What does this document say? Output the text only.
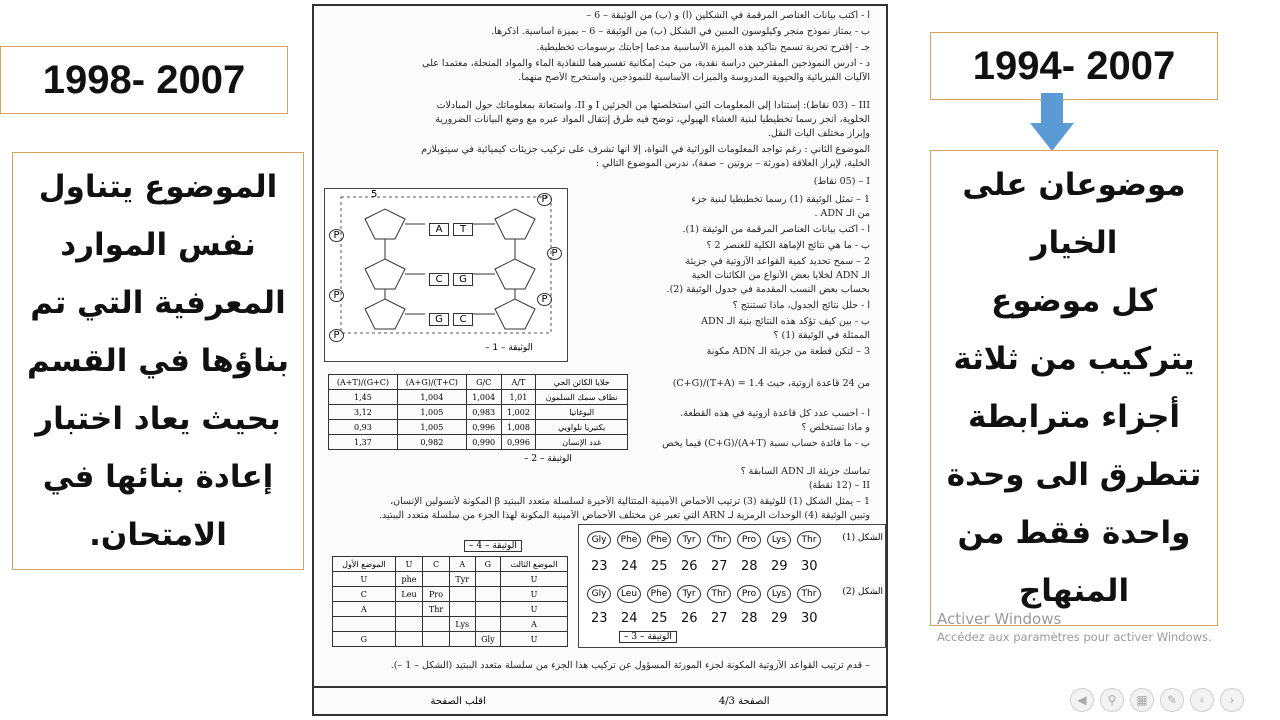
1998- 2007
الموضوع يتناول
نفس الموارد
المعرفية التي تم
بناؤها في القسم
بحيث يعاد اختبار
إعادة بنائها في
الامتحان.
1994- 2007
موضوعان على
الخيار
كل موضوع
يتركيب من ثلاثة
أجزاء مترابطة
تتطرق الى وحدة
واحدة فقط من
المنهاج
أ - أكتب بيانات العناصر المرقمة في الشكلين (أ) و (ب) من الوثيقة – 6 –
ب - يمتاز نموذج منجر وكيلوسون المبين في الشكل (ب) من الوثيقة – 6 – بميزة أساسية. أذكرها.
جـ - إقترح تجربة تسمح بتأكيد هذه الميزة الأساسية مدعما إجابتك برسومات تخطيطية.
د - أدرس النموذجين المقترحين دراسة نقدية، من حيث إمكانية تفسيرهما للنفاذية الماء والمواد المنحلة، معتمدا على
الآليات الفيزيائية والحيوية المدروسة والميزات الأساسية للنموذجين، واستخرج الأصح منهما.
III – (03 نقاط): إستنادا إلى المعلومات التي استخلصتها من الجزئين I و II، واستعانة بمعلوماتك حول المبادلات
الخلوية، أنجز رسما تخطيطيا لبنية الغشاء الهيولي، توضح فيه طرق إنتقال المواد عبره مع وضع البيانات الضرورية
وإبراز مختلف آليات النقل.
الموضوع الثاني : رغم تواجد المعلومات الوراثية في النواة، إلا أنها تشرف على تركيب جزيئات كيميائية في سيتوبلازم
الخلية، لإبراز العلاقة (مورثة – بروتين – صفة)، ندرس الموضوع التالي :
I – (05 نقاط)
1 – تمثل الوثيقة (1) رسما تخطيطيا لبنية جزء
من الـ ADN .
أ - أكتب بيانات العناصر المرقمة من الوثيقة (1).
ب - ما هي نتائج الإماهة الكلية للعنصر 2 ؟
2 – سمح تحديد كمية القواعد الآزوتية في جزيئة
الـ ADN لخلايا بعض الأنواع من الكائنات الحية
بحساب بعض النسب المقدمة في جدول الوثيقة (2).
أ - حلل نتائج الجدول، ماذا تستنتج ؟
ب - بين كيف تؤكد هذه النتائج بنية الـ ADN
الممثلة في الوثيقة (1) ؟
3 – لتكن قطعة من جزيئة الـ ADN مكونة
من 24 قاعدة آزوتية، حيث 1.4 = (T+A)/(C+G)
أ - أحسب عدد كل قاعدة آزوتية في هذه القطعة.
و ماذا تستخلص ؟
ب - ما فائدة حساب نسبة (A+T)/(C+G) فيما يخص
تماسك جزيئة الـ ADN السابقة ؟
II – (12 نقطة)
1 – يمثل الشكل (1) للوثيقة (3) ترتيب الأحماض الأمينية المتتالية الأخيرة لسلسلة متعدد الببتيد β المكونة لأنسولين الإنسان،
وتبين الوثيقة (4) الوحدات الرمزية لـ ARN التي تعبر عن مختلف الأحماض الأمينية المكونة لهذا الجزء من سلسلة متعدد الببتيد.
– قدم ترتيب القواعد الآزوتية المكونة لجزء المورثة المسؤول عن تركيب هذا الجزء من سلسلة متعدد الببتيد (الشكل – 1 –).
A	T
C	G
G	C
5	P
P
P
P
P
P
الوثيقة – 1 –
(A+T)/(G+C)	(A+G)/(T+C)	G/C	A/T	خلايا الكائن الحي
1,45	1,004	1,004	1,01	نطاف سمك السلمون
3,12	1,005	0,983	1,002	البوغاتيا
0,93	1,005	0,996	1,008	بكتيريا تلواويي
1,37	0,982	0,990	0,996	غدد الإنسان
الوثيقة – 2 –
الوثيقة – 4 –
الموضع الأول	U	C	A	G	الموضع الثالث
U	phe		Tyr		U
C	Leu	Pro			U
A		Thr			U
			Lys		A
G				Gly	U
الشكل (1)
الشكل (2)
Gly	Phe	Phe	Tyr	Thr	Pro	Lys	Thr
23 24 25 26 27 28 29 30
Gly	Leu	Phe	Tyr	Thr	Pro	Lys	Thr
23 24 25 26 27 28 29 30
الوثيقة – 3 –
الصفحة 4/3
اقلب الصفحة
Activer Windows
Accédez aux paramètres pour activer Windows.
◀	⚲	▦	✎	‹	›
